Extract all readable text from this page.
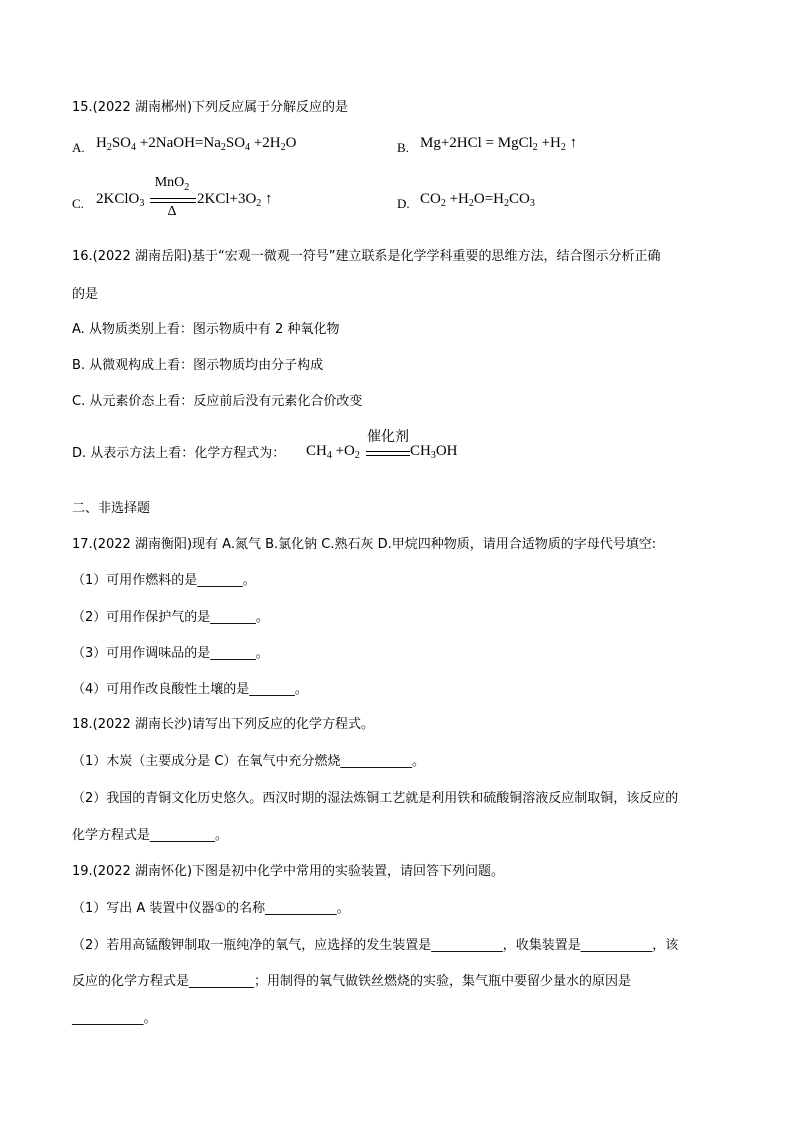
15.(2022 湖南郴州)下列反应属于分解反应的是
A. $H_2SO_4$ $+2NaOH=Na_2SO_4 +2H_2O$	B. Mg+2HCl = MgCl$_2$ $+H_2$ ↑
C. 2KClO$_3$
MnO$_2$
Δ
$2KCl+3O_2$ ↑	D. $CO_2 +H_2O=H_2CO_3$
16.(2022 湖南岳阳)基于“宏观一微观一符号”建立联系是化学学科重要的思维方法，结合图示分析正确
的是
A. 从物质类别上看：图示物质中有 2 种氧化物
B. 从微观构成上看：图示物质均由分子构成
C. 从元素价态上看：反应前后没有元素化合价改变
D. 从表示方法上看：化学方程式为： $CH_4 +O_2$
催化剂
$CH_3OH$
二、非选择题
17.(2022 湖南衡阳)现有 A.氮气 B.氯化钠 C.熟石灰 D.甲烷四种物质，请用合适物质的字母代号填空:
（1）可用作燃料的是_______。
（2）可用作保护气的是_______。
（3）可用作调味品的是_______。
（4）可用作改良酸性土壤的是_______。
18.(2022 湖南长沙)请写出下列反应的化学方程式。
（1）木炭（主要成分是 C）在氧气中充分燃烧___________。
（2）我国的青铜文化历史悠久。西汉时期的湿法炼铜工艺就是利用铁和硫酸铜溶液反应制取铜，该反应的
化学方程式是__________。
19.(2022 湖南怀化)下图是初中化学中常用的实验装置，请回答下列问题。
（1）写出 A 装置中仪器①的名称___________。
（2）若用高锰酸钾制取一瓶纯净的氧气，应选择的发生装置是___________，收集装置是___________，该
反应的化学方程式是__________；用制得的氧气做铁丝燃烧的实验，集气瓶中要留少量水的原因是
___________。
